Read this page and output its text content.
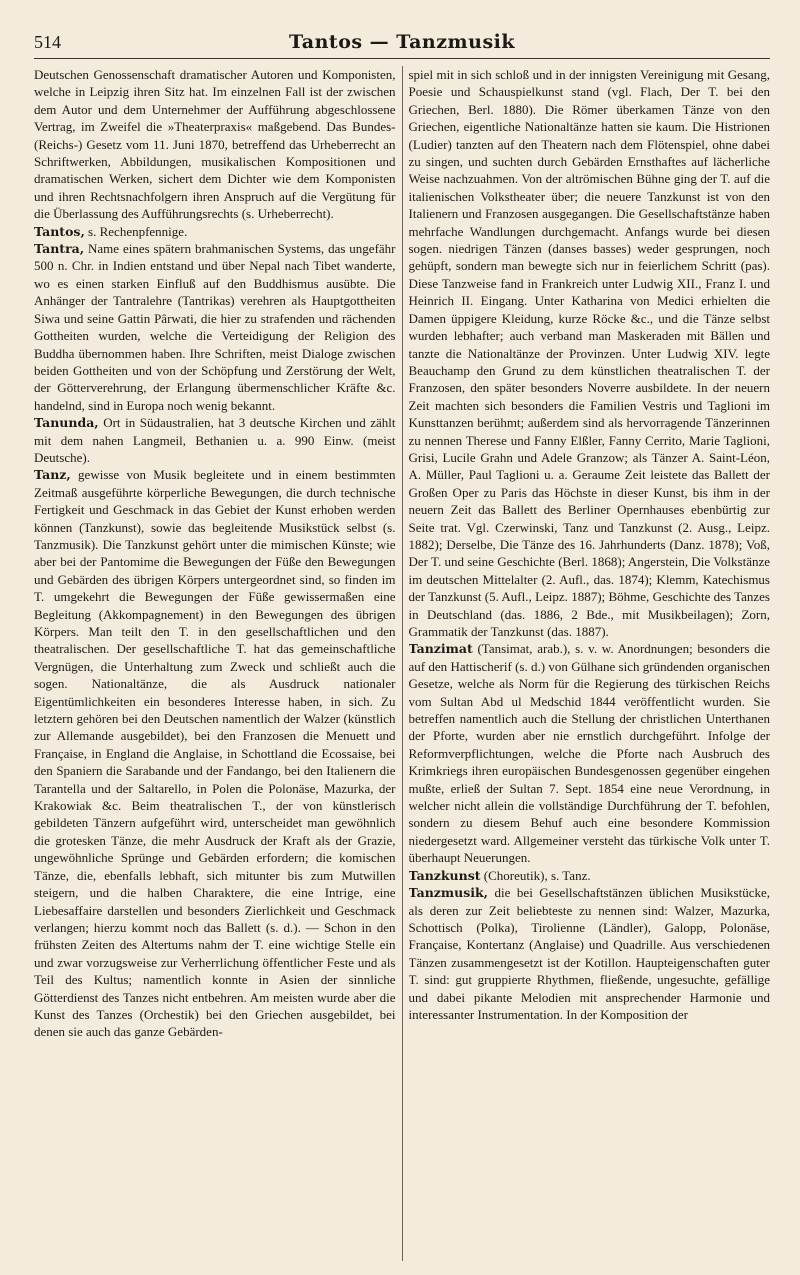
514	Tantos — Tanzmusik

Deutschen Genossenschaft dramatischer Autoren und Komponisten, welche in Leipzig ihren Sitz hat. Im einzelnen Fall ist der zwischen dem Autor und dem Unternehmer der Aufführung abgeschlossene Vertrag, im Zweifel die »Theaterpraxis« maßgebend. Das Bundes- (Reichs-) Gesetz vom 11. Juni 1870, betreffend das Urheberrecht an Schriftwerken, Abbildungen, musikalischen Kompositionen und dramatischen Werken, sichert dem Dichter wie dem Komponisten und ihren Rechtsnachfolgern ihren Anspruch auf die Vergütung für die Überlassung des Aufführungsrechts (s. Urheberrecht).

Tantos, s. Rechenpfennige.

Tantra, Name eines spätern brahmanischen Systems, das ungefähr 500 n. Chr. in Indien entstand und über Nepal nach Tibet wanderte, wo es einen starken Einfluß auf den Buddhismus ausübte. Die Anhänger der Tantralehre (Tantrikas) verehren als Hauptgottheiten Siwa und seine Gattin Pârwati, die hier zu strafenden und rächenden Gottheiten wurden, welche die Verteidigung der Religion des Buddha übernommen haben. Ihre Schriften, meist Dialoge zwischen beiden Gottheiten und von der Schöpfung und Zerstörung der Welt, der Götterverehrung, der Erlangung übermenschlicher Kräfte &c. handelnd, sind in Europa noch wenig bekannt.

Tanunda, Ort in Südaustralien, hat 3 deutsche Kirchen und zählt mit dem nahen Langmeil, Bethanien u. a. 990 Einw. (meist Deutsche).

Tanz, gewisse von Musik begleitete und in einem bestimmten Zeitmaß ausgeführte körperliche Bewegungen, die durch technische Fertigkeit und Geschmack in das Gebiet der Kunst erhoben werden können (Tanzkunst), sowie das begleitende Musikstück selbst (s. Tanzmusik). Die Tanzkunst gehört unter die mimischen Künste; wie aber bei der Pantomime die Bewegungen der Füße den Bewegungen und Gebärden des übrigen Körpers untergeordnet sind, so finden im T. umgekehrt die Bewegungen der Füße gewissermaßen eine Begleitung (Akkompagnement) in den Bewegungen des übrigen Körpers. Man teilt den T. in den gesellschaftlichen und den theatralischen. Der gesellschaftliche T. hat das gemeinschaftliche Vergnügen, die Unterhaltung zum Zweck und schließt auch die sogen. Nationaltänze, die als Ausdruck nationaler Eigentümlichkeiten ein besonderes Interesse haben, in sich. Zu letztern gehören bei den Deutschen namentlich der Walzer (künstlich zur Allemande ausgebildet), bei den Franzosen die Menuett und Française, in England die Anglaise, in Schottland die Ecossaise, bei den Spaniern die Sarabande und der Fandango, bei den Italienern die Tarantella und der Saltarello, in Polen die Polonäse, Mazurka, der Krakowiak &c. Beim theatralischen T., der von künstlerisch gebildeten Tänzern aufgeführt wird, unterscheidet man gewöhnlich die grotesken Tänze, die mehr Ausdruck der Kraft als der Grazie, ungewöhnliche Sprünge und Gebärden erfordern; die komischen Tänze, die, ebenfalls lebhaft, sich mitunter bis zum Mutwillen steigern, und die halben Charaktere, die eine Intrige, eine Liebesaffaire darstellen und besonders Zierlichkeit und Geschmack verlangen; hierzu kommt noch das Ballett (s. d.). — Schon in den frühsten Zeiten des Altertums nahm der T. eine wichtige Stelle ein und zwar vorzugsweise zur Verherrlichung öffentlicher Feste und als Teil des Kultus; namentlich konnte in Asien der sinnliche Götterdienst des Tanzes nicht entbehren. Am meisten wurde aber die Kunst des Tanzes (Orchestik) bei den Griechen ausgebildet, bei denen sie auch das ganze Gebärden-

spiel mit in sich schloß und in der innigsten Vereinigung mit Gesang, Poesie und Schauspielkunst stand (vgl. Flach, Der T. bei den Griechen, Berl. 1880). Die Römer überkamen Tänze von den Griechen, eigentliche Nationaltänze hatten sie kaum. Die Histrionen (Ludier) tanzten auf den Theatern nach dem Flötenspiel, ohne dabei zu singen, und suchten durch Gebärden Ernsthaftes auf lächerliche Weise nachzuahmen. Von der altrömischen Bühne ging der T. auf die italienischen Volkstheater über; die neuere Tanzkunst ist von den Italienern und Franzosen ausgegangen. Die Gesellschaftstänze haben mehrfache Wandlungen durchgemacht. Anfangs wurde bei diesen sogen. niedrigen Tänzen (danses basses) weder gesprungen, noch gehüpft, sondern man bewegte sich nur in feierlichem Schritt (pas). Diese Tanzweise fand in Frankreich unter Ludwig XII., Franz I. und Heinrich II. Eingang. Unter Katharina von Medici erhielten die Damen üppigere Kleidung, kurze Röcke &c., und die Tänze selbst wurden lebhafter; auch verband man Maskeraden mit Bällen und tanzte die Nationaltänze der Provinzen. Unter Ludwig XIV. legte Beauchamp den Grund zu dem künstlichen theatralischen T. der Franzosen, den später besonders Noverre ausbildete. In der neuern Zeit machten sich besonders die Familien Vestris und Taglioni im Kunsttanzen berühmt; außerdem sind als hervorragende Tänzerinnen zu nennen Therese und Fanny Elßler, Fanny Cerrito, Marie Taglioni, Grisi, Lucile Grahn und Adele Granzow; als Tänzer A. Saint-Léon, A. Müller, Paul Taglioni u. a. Geraume Zeit leistete das Ballett der Großen Oper zu Paris das Höchste in dieser Kunst, bis ihm in der neuern Zeit das Ballett des Berliner Opernhauses ebenbürtig zur Seite trat. Vgl. Czerwinski, Tanz und Tanzkunst (2. Ausg., Leipz. 1882); Derselbe, Die Tänze des 16. Jahrhunderts (Danz. 1878); Voß, Der T. und seine Geschichte (Berl. 1868); Angerstein, Die Volkstänze im deutschen Mittelalter (2. Aufl., das. 1874); Klemm, Katechismus der Tanzkunst (5. Aufl., Leipz. 1887); Böhme, Geschichte des Tanzes in Deutschland (das. 1886, 2 Bde., mit Musikbeilagen); Zorn, Grammatik der Tanzkunst (das. 1887).

Tanzimat (Tansimat, arab.), s. v. w. Anordnungen; besonders die auf den Hattischerif (s. d.) von Gülhane sich gründenden organischen Gesetze, welche als Norm für die Regierung des türkischen Reichs vom Sultan Abd ul Medschid 1844 veröffentlicht wurden. Sie betreffen namentlich auch die Stellung der christlichen Unterthanen der Pforte, wurden aber nie ernstlich durchgeführt. Infolge der Reformverpflichtungen, welche die Pforte nach Ausbruch des Krimkriegs ihren europäischen Bundesgenossen gegenüber eingehen mußte, erließ der Sultan 7. Sept. 1854 eine neue Verordnung, in welcher nicht allein die vollständige Durchführung der T. befohlen, sondern zu diesem Behuf auch eine besondere Kommission niedergesetzt ward. Allgemeiner versteht das türkische Volk unter T. überhaupt Neuerungen.

Tanzkunst (Choreutik), s. Tanz.

Tanzmusik, die bei Gesellschaftstänzen üblichen Musikstücke, als deren zur Zeit beliebteste zu nennen sind: Walzer, Mazurka, Schottisch (Polka), Tirolienne (Ländler), Galopp, Polonäse, Française, Kontertanz (Anglaise) und Quadrille. Aus verschiedenen Tänzen zusammengesetzt ist der Kotillon. Haupteigenschaften guter T. sind: gut gruppierte Rhythmen, fließende, ungesuchte, gefällige und dabei pikante Melodien mit ansprechender Harmonie und interessanter Instrumentation. In der Komposition der
